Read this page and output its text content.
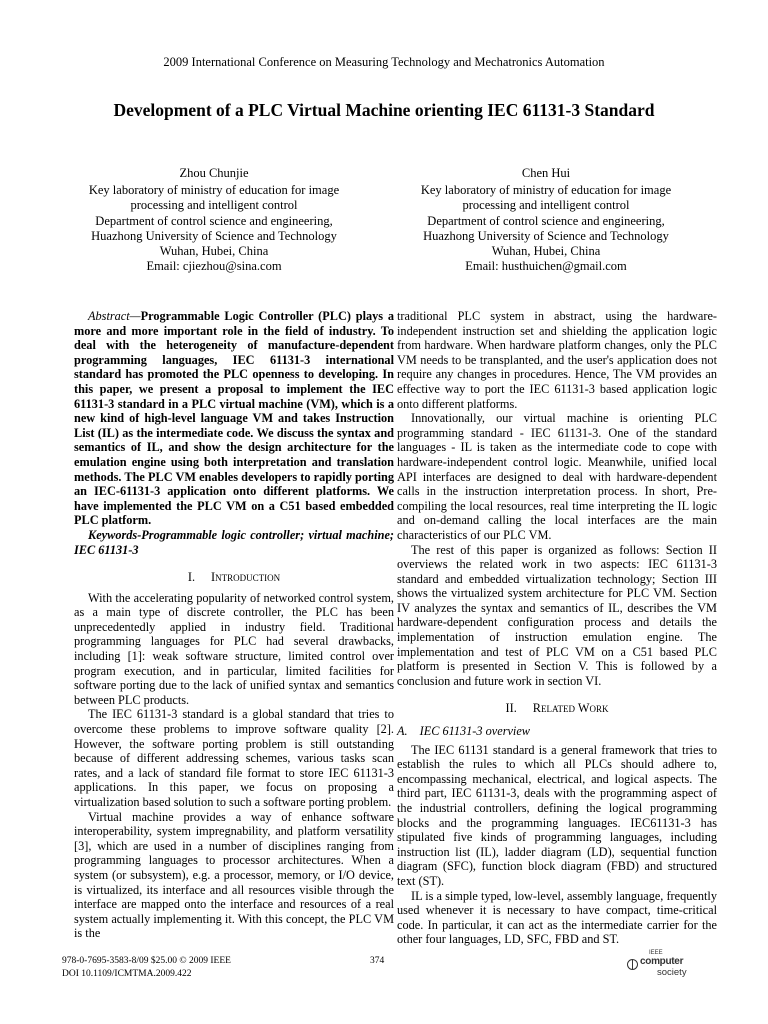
2009 International Conference on Measuring Technology and Mechatronics Automation
Development of a PLC Virtual Machine orienting IEC 61131-3 Standard
Zhou Chunjie
Key laboratory of ministry of education for image
processing and intelligent control
Department of control science and engineering,
Huazhong University of Science and Technology
Wuhan, Hubei, China
Email: cjiezhou@sina.com
Chen Hui
Key laboratory of ministry of education for image
processing and intelligent control
Department of control science and engineering,
Huazhong University of Science and Technology
Wuhan, Hubei, China
Email: husthuichen@gmail.com

Abstract—Programmable Logic Controller (PLC) plays a more and more important role in the field of industry. To deal with the heterogeneity of manufacture-dependent programming languages, IEC 61131-3 international standard has promoted the PLC openness to developing. In this paper, we present a proposal to implement the IEC 61131-3 standard in a PLC virtual machine (VM), which is a new kind of high-level language VM and takes Instruction List (IL) as the intermediate code. We discuss the syntax and semantics of IL, and show the design architecture for the emulation engine using both interpretation and translation methods. The PLC VM enables developers to rapidly porting an IEC-61131-3 application onto different platforms. We have implemented the PLC VM on a C51 based embedded PLC platform.

Keywords-Programmable logic controller; virtual machine; IEC 61131-3

I. Introduction

With the accelerating popularity of networked control system, as a main type of discrete controller, the PLC has been unprecedentedly applied in industry field. Traditional programming languages for PLC had several drawbacks, including [1]: weak software structure, limited control over program execution, and in particular, limited facilities for software porting due to the lack of unified syntax and semantics between PLC products.

The IEC 61131-3 standard is a global standard that tries to overcome these problems to improve software quality [2]. However, the software porting problem is still outstanding because of different addressing schemes, various tasks scan rates, and a lack of standard file format to store IEC 61131-3 applications. In this paper, we focus on proposing a virtualization based solution to such a software porting problem.

Virtual machine provides a way of enhance software interoperability, system impregnability, and platform versatility [3], which are used in a number of disciplines ranging from programming languages to processor architectures. When a system (or subsystem), e.g. a processor, memory, or I/O device, is virtualized, its interface and all resources visible through the interface are mapped onto the interface and resources of a real system actually implementing it. With this concept, the PLC VM is the

traditional PLC system in abstract, using the hardware-independent instruction set and shielding the application logic from hardware. When hardware platform changes, only the PLC VM needs to be transplanted, and the user's application does not require any changes in procedures. Hence, The VM provides an effective way to port the IEC 61131-3 based application logic onto different platforms.

Innovationally, our virtual machine is orienting PLC programming standard - IEC 61131-3. One of the standard languages - IL is taken as the intermediate code to cope with hardware-independent control logic. Meanwhile, unified local API interfaces are designed to deal with hardware-dependent calls in the instruction interpretation process. In short, Pre-compiling the local resources, real time interpreting the IL logic and on-demand calling the local interfaces are the main characteristics of our PLC VM.

The rest of this paper is organized as follows: Section II overviews the related work in two aspects: IEC 61131-3 standard and embedded virtualization technology; Section III shows the virtualized system architecture for PLC VM. Section IV analyzes the syntax and semantics of IL, describes the VM hardware-dependent configuration process and details the implementation of instruction emulation engine. The implementation and test of PLC VM on a C51 based PLC platform is presented in Section V. This is followed by a conclusion and future work in section VI.

II. Related Work
A. IEC 61131-3 overview

The IEC 61131 standard is a general framework that tries to establish the rules to which all PLCs should adhere to, encompassing mechanical, electrical, and logical aspects. The third part, IEC 61131-3, deals with the programming aspect of the industrial controllers, defining the logical programming blocks and the programming languages. IEC61131-3 has stipulated five kinds of programming languages, including instruction list (IL), ladder diagram (LD), sequential function diagram (SFC), function block diagram (FBD) and structured text (ST).

IL is a simple typed, low-level, assembly language, frequently used whenever it is necessary to have compact, time-critical code. In particular, it can act as the intermediate carrier for the other four languages, LD, SFC, FBD and ST.

978-0-7695-3583-8/09 $25.00 © 2009 IEEE
DOI 10.1109/ICMTMA.2009.422
374
IEEE
computer
society
